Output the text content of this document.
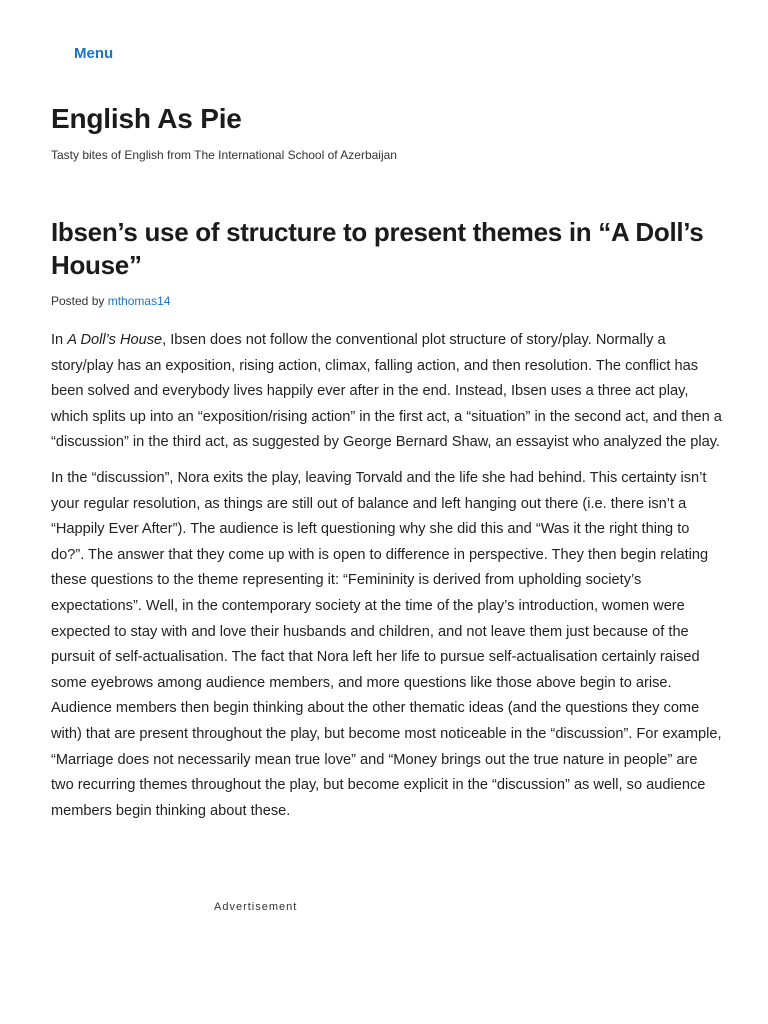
Menu
English As Pie

Tasty bites of English from The International School of Azerbaijan

Ibsen’s use of structure to present themes in “A Doll’s House”

Posted by mthomas14

In A Doll’s House, Ibsen does not follow the conventional plot structure of story/play. Normally a story/play has an exposition, rising action, climax, falling action, and then resolution. The conflict has been solved and everybody lives happily ever after in the end. Instead, Ibsen uses a three act play, which splits up into an “exposition/rising action” in the first act, a “situation” in the second act, and then a “discussion” in the third act, as suggested by George Bernard Shaw, an essayist who analyzed the play.

In the “discussion”, Nora exits the play, leaving Torvald and the life she had behind. This certainty isn’t your regular resolution, as things are still out of balance and left hanging out there (i.e. there isn’t a “Happily Ever After”). The audience is left questioning why she did this and “Was it the right thing to do?”. The answer that they come up with is open to difference in perspective. They then begin relating these questions to the theme representing it: “Femininity is derived from upholding society’s expectations”. Well, in the contemporary society at the time of the play’s introduction, women were expected to stay with and love their husbands and children, and not leave them just because of the pursuit of self-actualisation. The fact that Nora left her life to pursue self-actualisation certainly raised some eyebrows among audience members, and more questions like those above begin to arise. Audience members then begin thinking about the other thematic ideas (and the questions they come with) that are present throughout the play, but become most noticeable in the “discussion”. For example, “Marriage does not necessarily mean true love” and “Money brings out the true nature in people” are two recurring themes throughout the play, but become explicit in the “discussion” as well, so audience members begin thinking about these.

Advertisement
